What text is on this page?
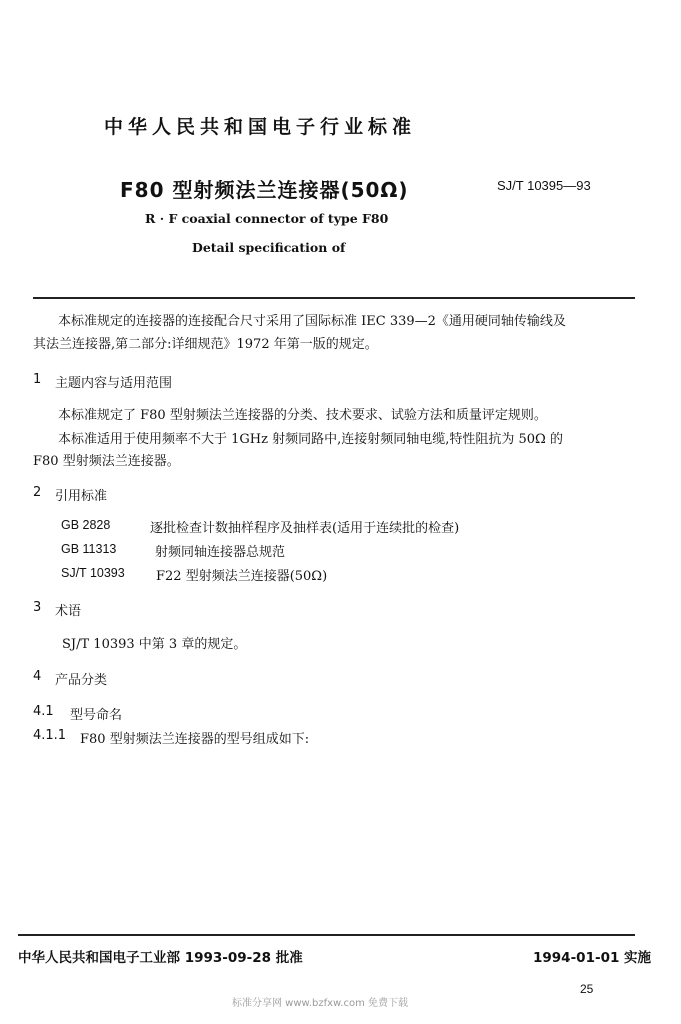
中华人民共和国电子行业标准
F80 型射频法兰连接器(50Ω)	SJ/T 10395—93
R · F coaxial connector of type F80
Detail specification of
本标准规定的连接器的连接配合尺寸采用了国际标准 IEC 339—2《通用硬同轴传输线及
其法兰连接器,第二部分:详细规范》1972 年第一版的规定。
1 主题内容与适用范围
本标准规定了 F80 型射频法兰连接器的分类、技术要求、试验方法和质量评定规则。
本标准适用于使用频率不大于 1GHz 射频同路中,连接射频同轴电缆,特性阻抗为 50Ω 的
F80 型射频法兰连接器。
2 引用标准
GB 2828	逐批检查计数抽样程序及抽样表(适用于连续批的检查)
GB 11313	射频同轴连接器总规范
SJ/T 10393 F22 型射频法兰连接器(50Ω)
3 术语
SJ/T 10393 中第 3 章的规定。
4 产品分类
4.1 型号命名
4.1.1 F80 型射频法兰连接器的型号组成如下:
中华人民共和国电子工业部 1993-09-28 批准	1994-01-01 实施
25
标准分享网 www.bzfxw.com 免费下载
